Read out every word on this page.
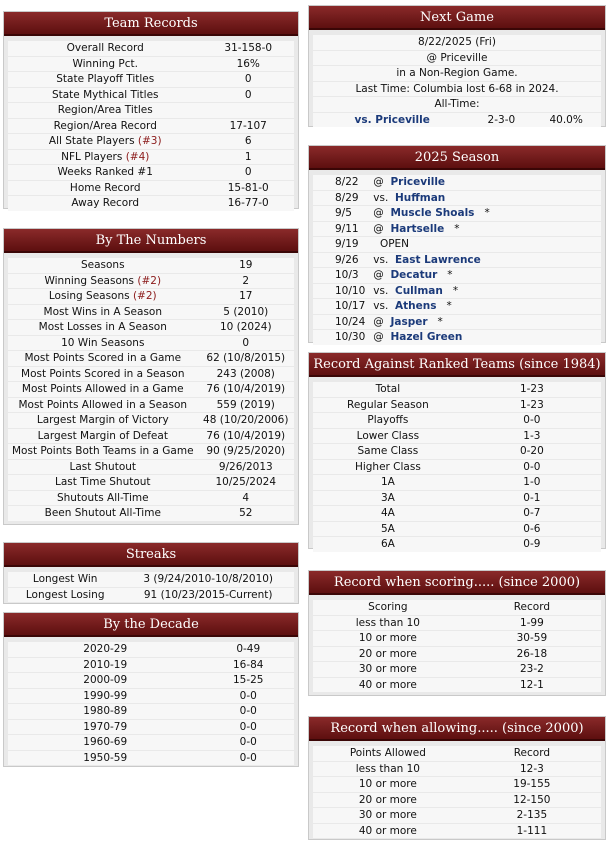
Team Records
Overall Record	31-158-0
Winning Pct.	16%
State Playoff Titles	0
State Mythical Titles	0
Region/Area Titles	
Region/Area Record	17-107
All State Players (#3)	6
NFL Players (#4)	1
Weeks Ranked #1	0
Home Record	15-81-0
Away Record	16-77-0
By The Numbers
Seasons	19
Winning Seasons (#2)	2
Losing Seasons (#2)	17
Most Wins in A Season	5 (2010)
Most Losses in A Season	10 (2024)
10 Win Seasons	0
Most Points Scored in a Game	62 (10/8/2015)
Most Points Scored in a Season	243 (2008)
Most Points Allowed in a Game	76 (10/4/2019)
Most Points Allowed in a Season	559 (2019)
Largest Margin of Victory	48 (10/20/2006)
Largest Margin of Defeat	76 (10/4/2019)
Most Points Both Teams in a Game	90 (9/25/2020)
Last Shutout	9/26/2013
Last Time Shutout	10/25/2024
Shutouts All-Time	4
Been Shutout All-Time	52
Streaks
Longest Win	3 (9/24/2010-10/8/2010)
Longest Losing	91 (10/23/2015-Current)
By the Decade
2020-29	0-49
2010-19	16-84
2000-09	15-25
1990-99	0-0
1980-89	0-0
1970-79	0-0
1960-69	0-0
1950-59	0-0
Next Game
8/22/2025 (Fri)
@ Priceville
in a Non-Region Game.
Last Time: Columbia lost 6-68 in 2024.
All-Time:
vs. Priceville	2-3-0	40.0%
2025 Season
8/22	@ Priceville
8/29	vs. Huffman
9/5	@ Muscle Shoals *
9/11	@ Hartselle *
9/19	OPEN
9/26	vs. East Lawrence
10/3	@ Decatur *
10/10	vs. Cullman *
10/17	vs. Athens *
10/24	@ Jasper *
10/30	@ Hazel Green
Record Against Ranked Teams (since 1984)
Total	1-23
Regular Season	1-23
Playoffs	0-0
Lower Class	1-3
Same Class	0-20
Higher Class	0-0
1A	1-0
3A	0-1
4A	0-7
5A	0-6
6A	0-9
Record when scoring..... (since 2000)
Scoring	Record
less than 10	1-99
10 or more	30-59
20 or more	26-18
30 or more	23-2
40 or more	12-1
Record when allowing..... (since 2000)
Points Allowed	Record
less than 10	12-3
10 or more	19-155
20 or more	12-150
30 or more	2-135
40 or more	1-111
